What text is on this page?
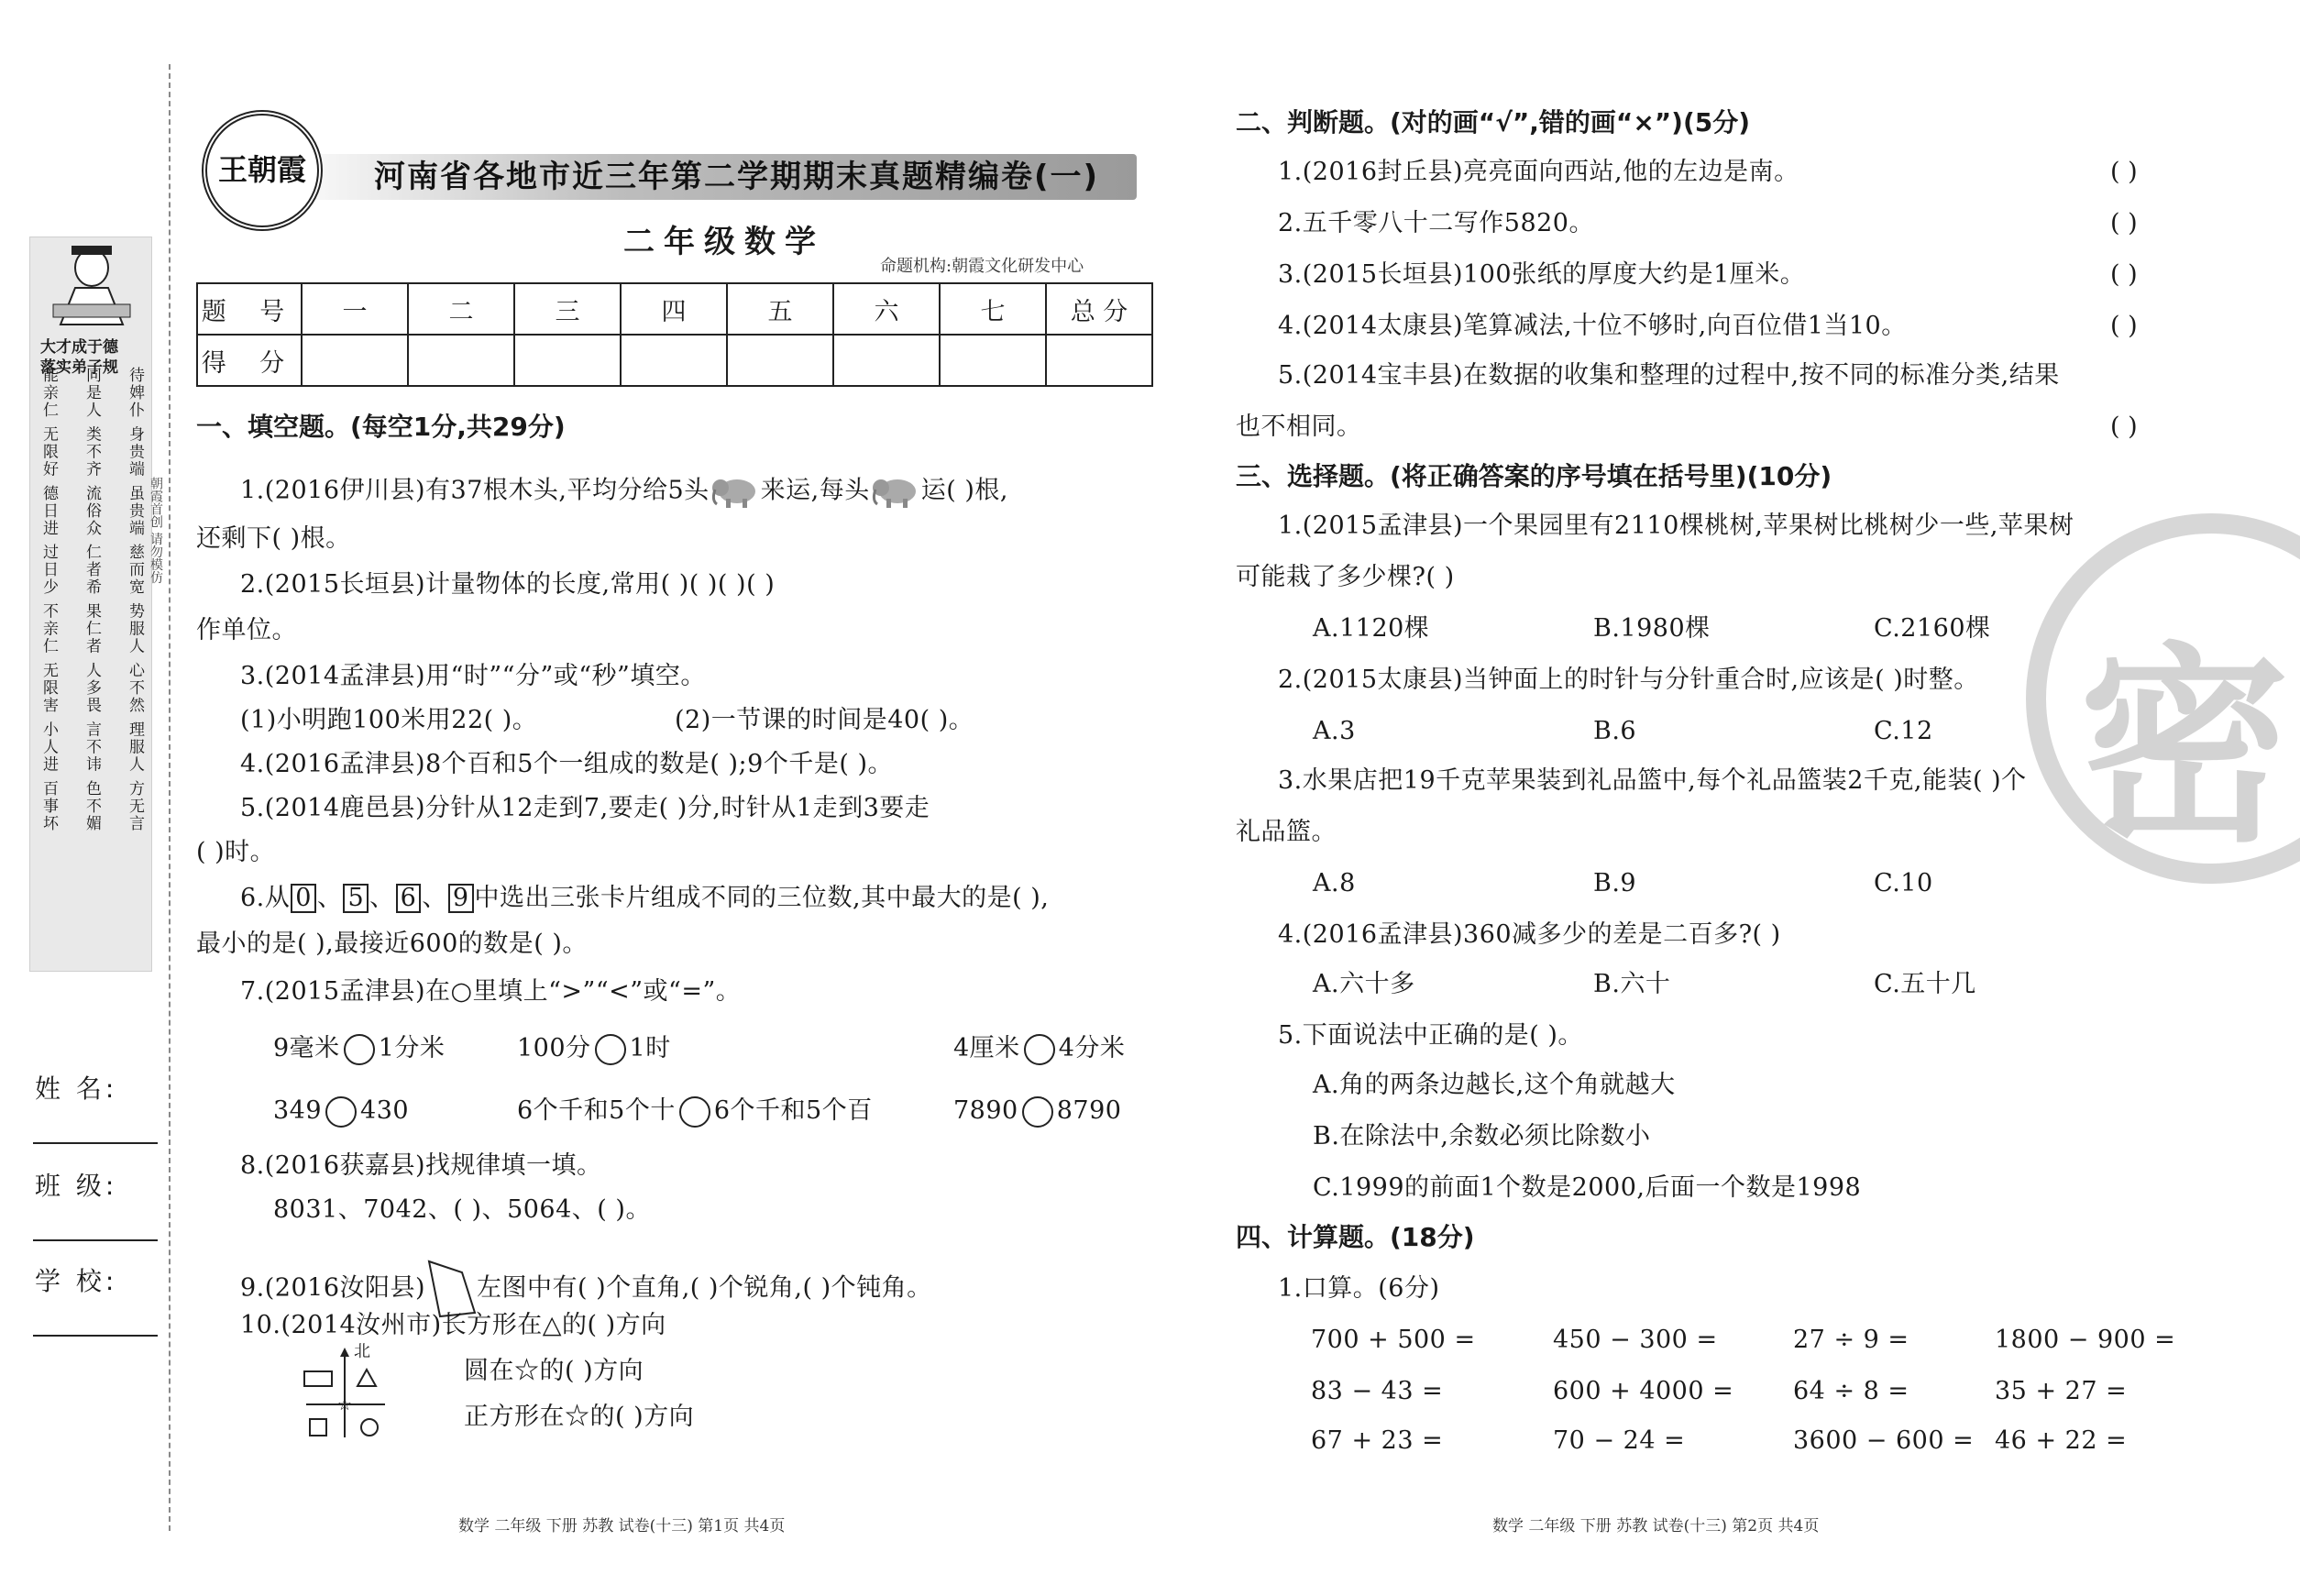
大才成于德
落实弟子规 待婢仆 身贵端 虽贵端 慈而宽 势服人 心不然 理服人 方无言
同是人 类不齐 流俗众 仁者希 果仁者 人多畏 言不讳 色不媚
能亲仁 无限好 德日进 过日少 不亲仁 无限害 小人进 百事坏	朝霞首创 请勿模仿
姓 名:
班 级:
学 校:
王朝霞 河南省各地市近三年第二学期期末真题精编卷(一)
二年级数学
命题机构:朝霞文化研发中心
题 号	一	二	三	四	五	六	七	总 分
得 分								
一、填空题。(每空1分,共29分)
1.(2016伊川县)有37根木头,平均分给5头 来运,每头 运( )根,
还剩下( )根。
2.(2015长垣县)计量物体的长度,常用( )( )( )( )
作单位。
3.(2014孟津县)用“时”“分”或“秒”填空。
(1)小明跑100米用22( )。	(2)一节课的时间是40( )。
4.(2016孟津县)8个百和5个一组成的数是( );9个千是( )。
5.(2014鹿邑县)分针从12走到7,要走( )分,时针从1走到3要走
( )时。
6.从 0 、 5 、 6 、 9 中选出三张卡片组成不同的三位数,其中最大的是( ),
最小的是( ),最接近600的数是( )。
7.(2015孟津县)在○里填上“>”“<”或“=”。
9毫米 1分米	100分 1时	4厘米 4分米
349 430	6个千和5个十 6个千和5个百	7890 8790
8.(2016获嘉县)找规律填一填。
8031、7042、( )、5064、( )。
9.(2016汝阳县) 左图中有( )个直角,( )个锐角,( )个钝角。
10.(2014汝州市)长方形在△的( )方向
北
☆
圆在☆的( )方向
正方形在☆的( )方向
数学 二年级 下册 苏教 试卷(十三) 第1页 共4页
密
二、判断题。(对的画“√”,错的画“×”)(5分)
1.(2016封丘县)亮亮面向西站,他的左边是南。	( )
2.五千零八十二写作5820。	( )
3.(2015长垣县)100张纸的厚度大约是1厘米。	( )
4.(2014太康县)笔算减法,十位不够时,向百位借1当10。	( )
5.(2014宝丰县)在数据的收集和整理的过程中,按不同的标准分类,结果
也不相同。	( )
三、选择题。(将正确答案的序号填在括号里)(10分)
1.(2015孟津县)一个果园里有2110棵桃树,苹果树比桃树少一些,苹果树
可能栽了多少棵?( )
A.1120棵	B.1980棵	C.2160棵
2.(2015太康县)当钟面上的时针与分针重合时,应该是( )时整。
A.3	B.6	C.12
3.水果店把19千克苹果装到礼品篮中,每个礼品篮装2千克,能装( )个
礼品篮。
A.8	B.9	C.10
4.(2016孟津县)360减多少的差是二百多?( )
A.六十多	B.六十	C.五十几
5.下面说法中正确的是( )。
A.角的两条边越长,这个角就越大
B.在除法中,余数必须比除数小
C.1999的前面1个数是2000,后面一个数是1998
四、计算题。(18分)
1.口算。(6分)
700 + 500 =	450 − 300 =	27 ÷ 9 =	1800 − 900 =
83 − 43 =	600 + 4000 = 64 ÷ 8 =	35 + 27 =
67 + 23 =	70 − 24 =	3600 − 600 = 46 + 22 =
数学 二年级 下册 苏教 试卷(十三) 第2页 共4页
